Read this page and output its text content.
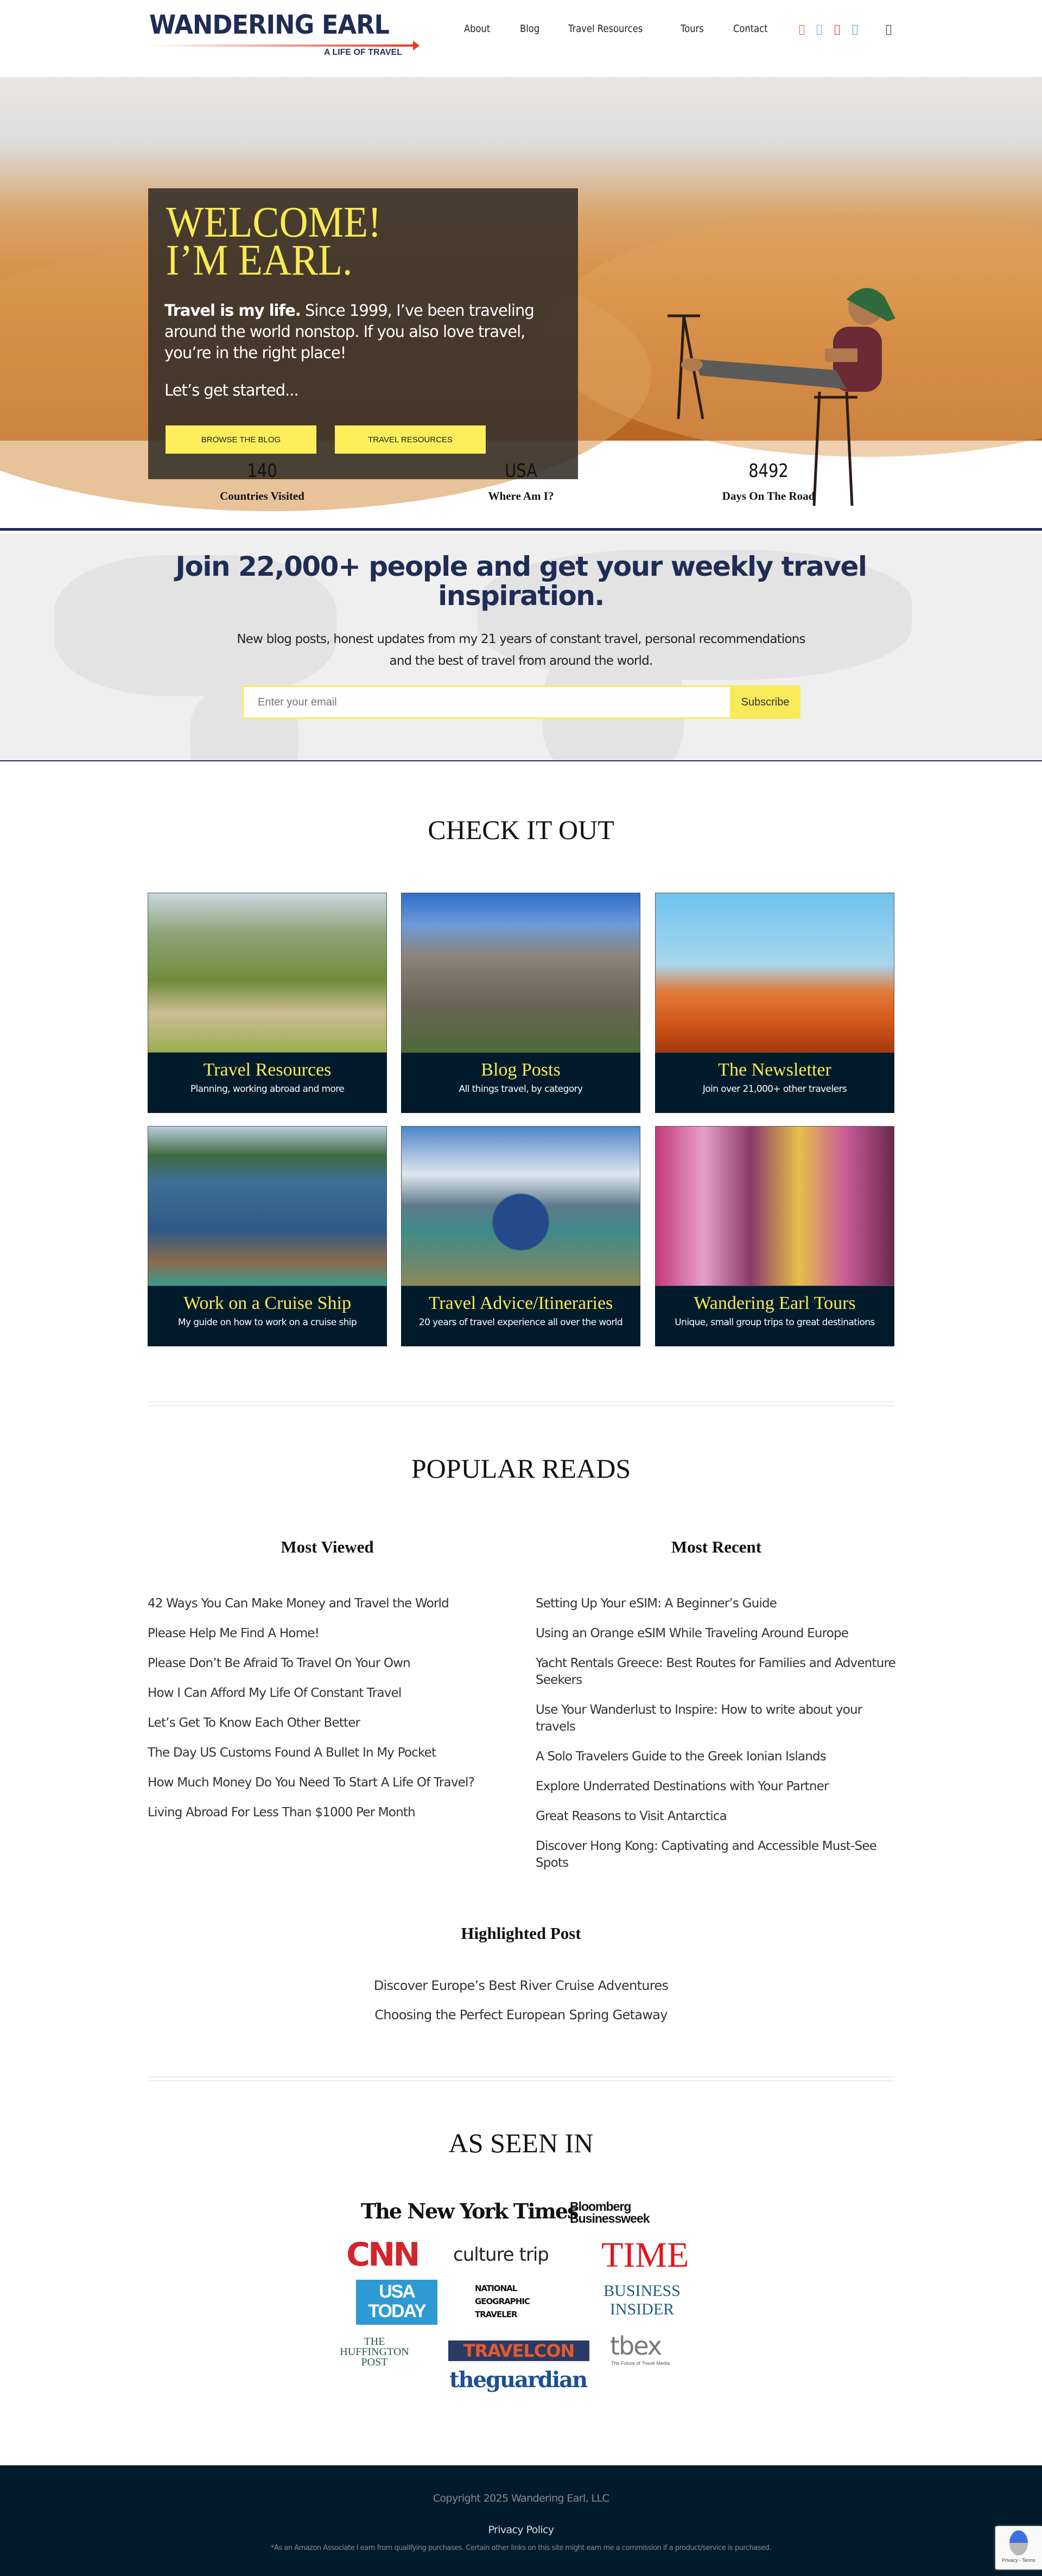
WANDERING EARL
A LIFE OF TRAVEL
About	Blog	Travel Resources	Tours	Contact
WELCOME!
I’M EARL.
Travel is my life. Since 1999, I’ve been traveling around the world nonstop. If you also love travel, you’re in the right place!
Let’s get started...
BROWSE THE BLOG	TRAVEL RESOURCES
140
Countries Visited
USA
Where Am I?
8492
Days On The Road
Join 22,000+ people and get your weekly travel inspiration.
New blog posts, honest updates from my 21 years of constant travel, personal recommendations and the best of travel from around the world.
Enter your email
Subscribe
CHECK IT OUT
Travel Resources
Planning, working abroad and more
Blog Posts
All things travel, by category
The Newsletter
Join over 21,000+ other travelers
Work on a Cruise Ship
My guide on how to work on a cruise ship
Travel Advice/Itineraries
20 years of travel experience all over the world
Wandering Earl Tours
Unique, small group trips to great destinations
POPULAR READS
Most Viewed	Most Recent
42 Ways You Can Make Money and Travel the World
Please Help Me Find A Home!
Please Don’t Be Afraid To Travel On Your Own
How I Can Afford My Life Of Constant Travel
Let’s Get To Know Each Other Better
The Day US Customs Found A Bullet In My Pocket
How Much Money Do You Need To Start A Life Of Travel?
Living Abroad For Less Than $1000 Per Month
Setting Up Your eSIM: A Beginner’s Guide
Using an Orange eSIM While Traveling Around Europe
Yacht Rentals Greece: Best Routes for Families and Adventure Seekers
Use Your Wanderlust to Inspire: How to write about your travels
A Solo Travelers Guide to the Greek Ionian Islands
Explore Underrated Destinations with Your Partner
Great Reasons to Visit Antarctica
Discover Hong Kong: Captivating and Accessible Must-See Spots
Highlighted Post
Discover Europe’s Best River Cruise Adventures
Choosing the Perfect European Spring Getaway
AS SEEN IN
The New York Times
Bloomberg Businessweek
CNN culture trip TIME
USA TODAY
NATIONAL GEOGRAPHIC TRAVELER
BUSINESS INSIDER
THE HUFFINGTON POST
TRAVELCON	tbex
The Future of Travel Media
theguardian
Copyright 2025 Wandering Earl, LLC
Privacy Policy
*As an Amazon Associate I earn from qualifying purchases. Certain other links on this site might earn me a commission if a product/service is purchased.
Privacy - Terms
